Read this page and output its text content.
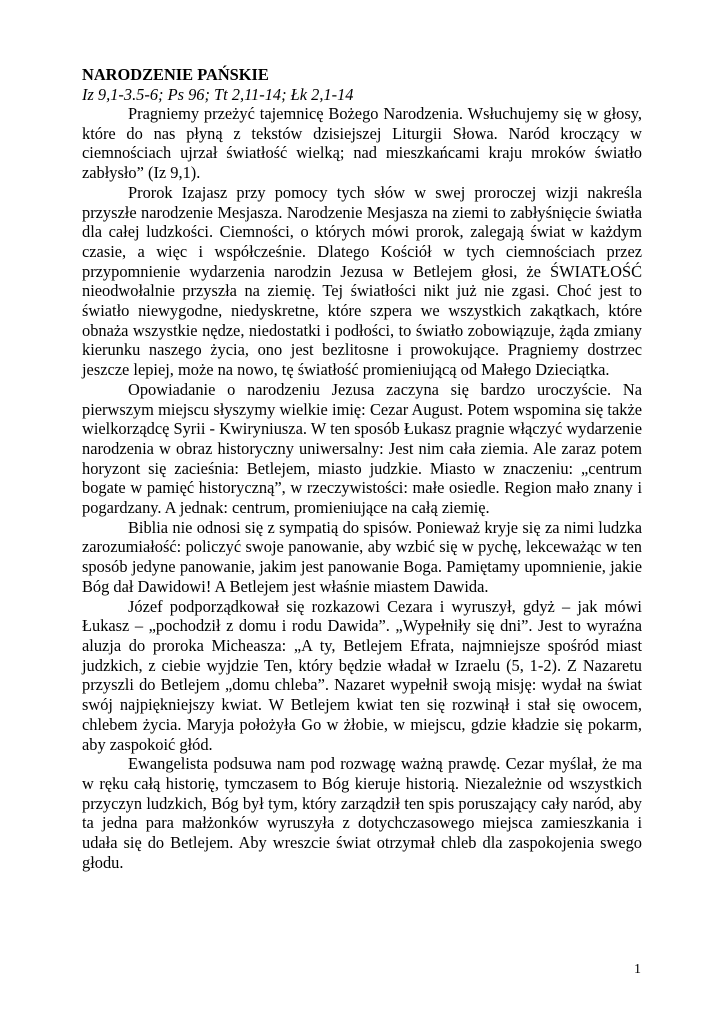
NARODZENIE PAŃSKIE
Iz 9,1-3.5-6; Ps 96; Tt 2,11-14; Łk 2,1-14

Pragniemy przeżyć tajemnicę Bożego Narodzenia. Wsłuchujemy się w głosy, które do nas płyną z tekstów dzisiejszej Liturgii Słowa. Naród kroczący w ciemnościach ujrzał światłość wielką; nad mieszkańcami kraju mroków światło zabłysło” (Iz 9,1).

Prorok Izajasz przy pomocy tych słów w swej proroczej wizji nakreśla przyszłe narodzenie Mesjasza. Narodzenie Mesjasza na ziemi to zabłyśnięcie światła dla całej ludzkości. Ciemności, o których mówi prorok, zalegają świat w każdym czasie, a więc i współcześnie. Dlatego Kościół w tych ciemnościach przez przypomnienie wydarzenia narodzin Jezusa w Betlejem głosi, że ŚWIATŁOŚĆ nieodwołalnie przyszła na ziemię. Tej światłości nikt już nie zgasi. Choć jest to światło niewygodne, niedyskretne, które szpera we wszystkich zakątkach, które obnaża wszystkie nędze, niedostatki i podłości, to światło zobowiązuje, żąda zmiany kierunku naszego życia, ono jest bezlitosne i prowokujące. Pragniemy dostrzec jeszcze lepiej, może na nowo, tę światłość promieniującą od Małego Dzieciątka.

Opowiadanie o narodzeniu Jezusa zaczyna się bardzo uroczyście. Na pierwszym miejscu słyszymy wielkie imię: Cezar August. Potem wspomina się także wielkorządcę Syrii - Kwiryniusza. W ten sposób Łukasz pragnie włączyć wydarzenie narodzenia w obraz historyczny uniwersalny: Jest nim cała ziemia. Ale zaraz potem horyzont się zacieśnia: Betlejem, miasto judzkie. Miasto w znaczeniu: „centrum bogate w pamięć historyczną”, w rzeczywistości: małe osiedle. Region mało znany i pogardzany. A jednak: centrum, promieniujące na całą ziemię.

Biblia nie odnosi się z sympatią do spisów. Ponieważ kryje się za nimi ludzka zarozumiałość: policzyć swoje panowanie, aby wzbić się w pychę, lekceważąc w ten sposób jedyne panowanie, jakim jest panowanie Boga. Pamiętamy upomnienie, jakie Bóg dał Dawidowi! A Betlejem jest właśnie miastem Dawida.

Józef podporządkował się rozkazowi Cezara i wyruszył, gdyż – jak mówi Łukasz – „pochodził z domu i rodu Dawida”. „Wypełniły się dni”. Jest to wyraźna aluzja do proroka Micheasza: „A ty, Betlejem Efrata, najmniejsze spośród miast judzkich, z ciebie wyjdzie Ten, który będzie władał w Izraelu (5, 1-2). Z Nazaretu przyszli do Betlejem „domu chleba”. Nazaret wypełnił swoją misję: wydał na świat swój najpiękniejszy kwiat. W Betlejem kwiat ten się rozwinął i stał się owocem, chlebem życia. Maryja położyła Go w żłobie, w miejscu, gdzie kładzie się pokarm, aby zaspokoić głód.

Ewangelista podsuwa nam pod rozwagę ważną prawdę. Cezar myślał, że ma w ręku całą historię, tymczasem to Bóg kieruje historią. Niezależnie od wszystkich przyczyn ludzkich, Bóg był tym, który zarządził ten spis poruszający cały naród, aby ta jedna para małżonków wyruszyła z dotychczasowego miejsca zamieszkania i udała się do Betlejem. Aby wreszcie świat otrzymał chleb dla zaspokojenia swego głodu.

1
